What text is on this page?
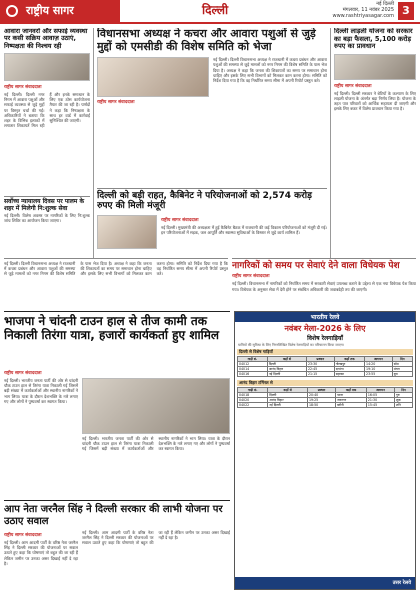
राष्ट्रीय सागर	दिल्ली	नई दिल्ली
मंगलवार, 11 नवंबर 2025
www.rashtriyasagar.com 3
आवारा जानवरों और सफाई व्यवस्था पर कसी सक्रिय आवाज़ उठाएं, निष्पक्षता की निश्चय रही
राष्ट्रीय सागर संवाददाता
नई दिल्ली। दिल्ली नगर निगम में आवारा पशुओं और सफाई व्यवस्था से जुड़े मुद्दों पर विस्तृत चर्चा की गई। अधिकारियों ने बताया कि शहर के विभिन्न इलाकों में लगातार शिकायतें मिल रही हैं और इनके समाधान के लिए एक ठोस कार्ययोजना तैयार की जा रही है। पार्षदों ने कहा कि निष्पक्षता के साथ हर वार्ड में कार्रवाई सुनिश्चित की जाएगी।
विधानसभा अध्यक्ष ने कचरा और आवारा पशुओं से जुड़े मुद्दों को एमसीडी की विशेष समिति को भेजा
राष्ट्रीय सागर संवाददाता
नई दिल्ली। दिल्ली विधानसभा अध्यक्ष ने राजधानी में कचरा प्रबंधन और आवारा पशुओं की समस्या से जुड़े मामलों को नगर निगम की विशेष समिति के पास भेज दिया है। अध्यक्ष ने कहा कि जनता की शिकायतों का समय पर समाधान होना चाहिए और इसके लिए सभी विभागों को मिलकर काम करना होगा। समिति को निर्देश दिया गया है कि वह निर्धारित समय सीमा में अपनी रिपोर्ट प्रस्तुत करे।
दिल्ली लाड़ली योजना को सरकार का बड़ा फैसला, 5,100 करोड़ रुपए का प्रावधान
राष्ट्रीय सागर संवाददाता
नई दिल्ली। दिल्ली सरकार ने बेटियों के कल्याण के लिए लाड़ली योजना के अंतर्गत बड़ा निर्णय लिया है। योजना के तहत पात्र परिवारों को आर्थिक सहायता दी जाएगी और इसके लिए बजट में विशेष प्रावधान किया गया है।
दिल्ली को बड़ी राहत, कैबिनेट ने परियोजनाओं को 2,574 करोड़ रुपए की मिली मंजूरी
राष्ट्रीय सागर संवाददाता
नई दिल्ली। मुख्यमंत्री की अध्यक्षता में हुई कैबिनेट बैठक में राजधानी की कई विकास परियोजनाओं को मंजूरी दी गई। इन परियोजनाओं में सड़क, जल आपूर्ति और स्वास्थ्य सुविधाओं के विस्तार से जुड़े कार्य शामिल हैं।
नागरिकों को समय पर सेवाएं देने वाला विधेयक पेश
राष्ट्रीय सागर संवाददाता
नई दिल्ली। विधानसभा में नागरिकों को निर्धारित समय में सरकारी सेवाएं उपलब्ध कराने के उद्देश्य से एक नया विधेयक पेश किया गया। विधेयक के अनुसार सेवा में देरी होने पर संबंधित अधिकारी की जवाबदेही तय की जाएगी।
सर्वोच्च न्यायालय दिवस पर पालम के शहर में मिलेगी नि:शुल्क सेवा
नई दिल्ली। विशेष अवसर पर नागरिकों के लिए नि:शुल्क जांच शिविर का आयोजन किया जाएगा।
नई दिल्ली। दिल्ली विधानसभा अध्यक्ष ने राजधानी में कचरा प्रबंधन और आवारा पशुओं की समस्या से जुड़े मामलों को नगर निगम की विशेष समिति के पास भेज दिया है। अध्यक्ष ने कहा कि जनता की शिकायतों का समय पर समाधान होना चाहिए और इसके लिए सभी विभागों को मिलकर काम करना होगा। समिति को निर्देश दिया गया है कि वह निर्धारित समय सीमा में अपनी रिपोर्ट प्रस्तुत करे।
भाजपा ने चांदनी टाउन हाल से तीज कामी तक निकाली तिरंगा यात्रा, हजारों कार्यकर्ता हुए शामिल
राष्ट्रीय सागर संवाददाता
नई दिल्ली। भारतीय जनता पार्टी की ओर से चांदनी चौक टाउन हाल से तिरंगा यात्रा निकाली गई जिसमें बड़ी संख्या में कार्यकर्ताओं और स्थानीय नागरिकों ने भाग लिया। यात्रा के दौरान देशभक्ति के नारे लगाए गए और लोगों ने पुष्पवर्षा कर स्वागत किया।
नई दिल्ली। भारतीय जनता पार्टी की ओर से चांदनी चौक टाउन हाल से तिरंगा यात्रा निकाली गई जिसमें बड़ी संख्या में कार्यकर्ताओं और स्थानीय नागरिकों ने भाग लिया। यात्रा के दौरान देशभक्ति के नारे लगाए गए और लोगों ने पुष्पवर्षा कर स्वागत किया।
आप नेता जरनैल सिंह ने दिल्ली सरकार की लाभी योजना पर उठाए सवाल
राष्ट्रीय सागर संवाददाता
नई दिल्ली। आम आदमी पार्टी के वरिष्ठ नेता जरनैल सिंह ने दिल्ली सरकार की योजनाओं पर सवाल उठाते हुए कहा कि घोषणाएं तो बहुत की जा रही हैं लेकिन जमीन पर उनका असर दिखाई नहीं दे रहा है।
नई दिल्ली। आम आदमी पार्टी के वरिष्ठ नेता जरनैल सिंह ने दिल्ली सरकार की योजनाओं पर सवाल उठाते हुए कहा कि घोषणाएं तो बहुत की जा रही हैं लेकिन जमीन पर उनका असर दिखाई नहीं दे रहा है।
भारतीय रेलवे
नवंबर मेला-2026 के लिए
विशेष रेलगाड़ियाँ
यात्रियों की सुविधा के लिए निम्नलिखित विशेष रेलगाड़ियों का परिचालन किया जाएगा
दिल्ली से विशेष गाड़ियाँ
गाड़ी सं.	कहाँ से	प्रस्थान	कहाँ तक	आगमन	दिन
04012	दिल्ली	23:30	गोरखपुर	14:20	सोम
04014	आनंद विहार	22:45	दरभंगा	19:10	मंगल
04016	नई दिल्ली	21:15	सहरसा	23:55	बुध
आनंद विहार टर्मिनल से
गाड़ी सं.	कहाँ से	प्रस्थान	कहाँ तक	आगमन	दिन
04018	दिल्ली	20:40	पटना	16:05	गुरु
04020	आनंद विहार	19:25	जयनगर	21:30	शुक्र
04022	नई दिल्ली	18:50	बरौनी	15:45	शनि
उत्तर रेलवे
